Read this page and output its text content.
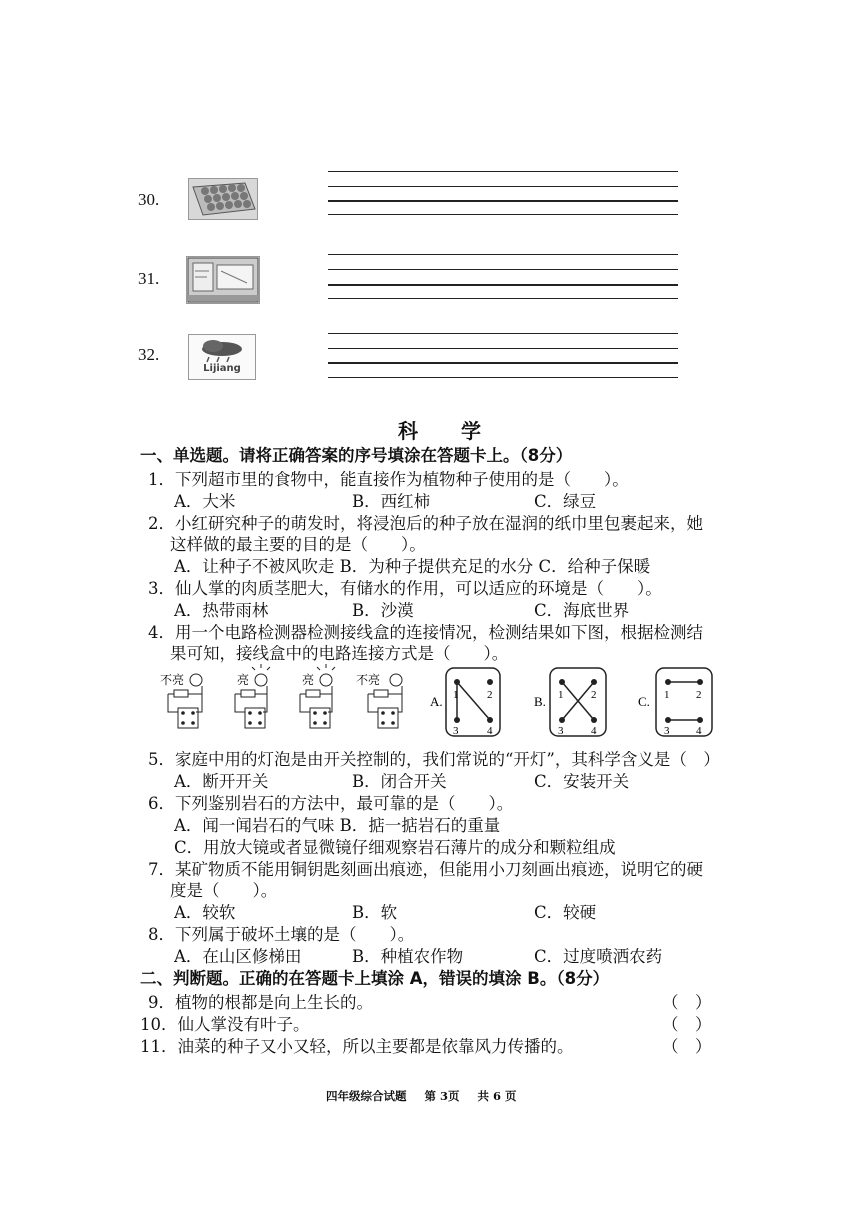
30.
31.
32.
Lijiang
科 学
一、单选题。请将正确答案的序号填涂在答题卡上。（8分）
1．下列超市里的食物中，能直接作为植物种子使用的是（　　）。
A．大米	B．西红柿	C．绿豆
2．小红研究种子的萌发时，将浸泡后的种子放在湿润的纸巾里包裹起来，她
这样做的最主要的目的是（　　）。
A．让种子不被风吹走 B．为种子提供充足的水分 C．给种子保暖
3．仙人掌的肉质茎肥大，有储水的作用，可以适应的环境是（　　）。
A．热带雨林	B．沙漠	C．海底世界
4．用一个电路检测器检测接线盒的连接情况，检测结果如下图，根据检测结
果可知，接线盒中的电路连接方式是（　　）。
不亮	亮	亮	不亮
A. 1	2
3	4
B. 1	2
3	4
C. 1 2
3 4
5．家庭中用的灯泡是由开关控制的，我们常说的“开灯”，其科学含义是（　）
A．断开开关	B．闭合开关	C．安装开关
6．下列鉴别岩石的方法中，最可靠的是（　　）。
A．闻一闻岩石的气味 B．掂一掂岩石的重量
C．用放大镜或者显微镜仔细观察岩石薄片的成分和颗粒组成
7．某矿物质不能用铜钥匙刻画出痕迹，但能用小刀刻画出痕迹，说明它的硬
度是（　　）。
A．较软	B．软	C．较硬
8．下列属于破坏土壤的是（　　）。
A．在山区修梯田	B．种植农作物	C．过度喷洒农药
二、判断题。正确的在答题卡上填涂 A，错误的填涂 B。（8分）
9．植物的根都是向上生长的。	（　）
10．仙人掌没有叶子。	（　）
11．油菜的种子又小又轻，所以主要都是依靠风力传播的。	（　）
四年级综合试题 第 3页 共 6 页
